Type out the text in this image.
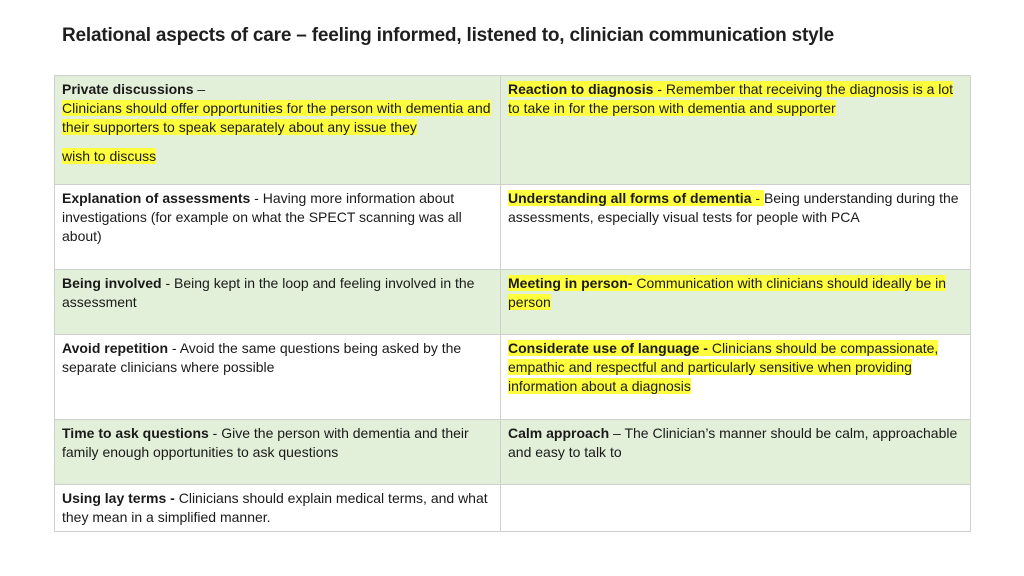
Relational aspects of care – feeling informed, listened to, clinician communication style
Private discussions –
Clinicians should offer opportunities for the person with dementia and their supporters to speak separately about any issue they
wish to discuss	Reaction to diagnosis - Remember that receiving the diagnosis is a lot to take in for the person with dementia and supporter
Explanation of assessments - Having more information about investigations (for example on what the SPECT scanning was all about)	Understanding all forms of dementia - Being understanding during the assessments, especially visual tests for people with PCA
Being involved - Being kept in the loop and feeling involved in the assessment	Meeting in person- Communication with clinicians should ideally be in person
Avoid repetition - Avoid the same questions being asked by the separate clinicians where possible	Considerate use of language - Clinicians should be compassionate, empathic and respectful and particularly sensitive when providing information about a diagnosis
Time to ask questions - Give the person with dementia and their family enough opportunities to ask questions	Calm approach – The Clinician’s manner should be calm, approachable and easy to talk to
Using lay terms - Clinicians should explain medical terms, and what they mean in a simplified manner.	
